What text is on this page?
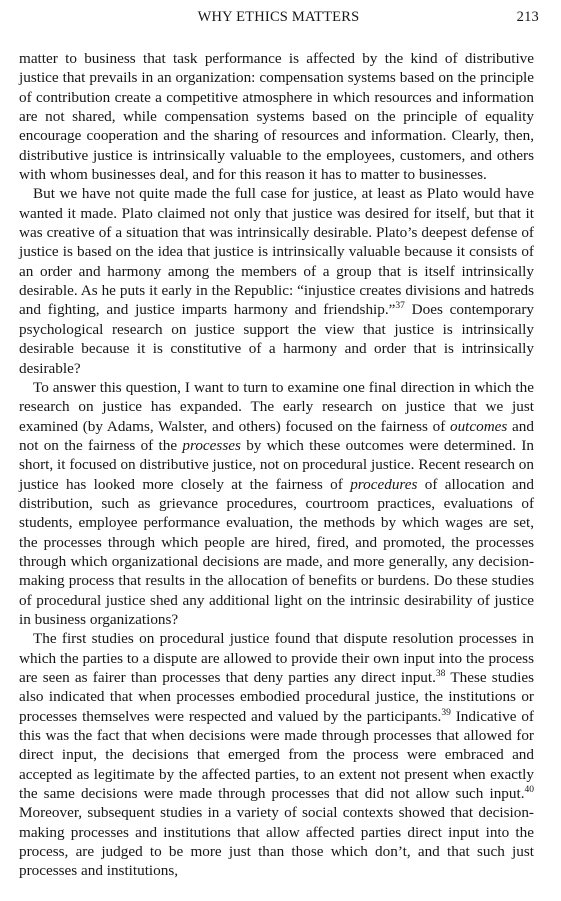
WHY ETHICS MATTERS	213

matter to business that task performance is affected by the kind of distributive justice that prevails in an organization: compensation systems based on the principle of contribution create a competitive atmosphere in which resources and information are not shared, while compensation systems based on the principle of equality encourage cooperation and the sharing of resources and information. Clearly, then, distributive justice is intrinsically valuable to the employees, customers, and others with whom businesses deal, and for this reason it has to matter to businesses.

But we have not quite made the full case for justice, at least as Plato would have wanted it made. Plato claimed not only that justice was desired for itself, but that it was creative of a situation that was intrinsically desirable. Plato’s deepest defense of justice is based on the idea that justice is intrinsically valuable because it consists of an order and harmony among the members of a group that is itself intrinsically desirable. As he puts it early in the Republic: “injustice creates divisions and hatreds and fighting, and justice imparts harmony and friendship.”$^{37}$ Does contemporary psychological research on justice support the view that justice is intrinsically desirable because it is constitutive of a harmony and order that is intrinsically desirable?

To answer this question, I want to turn to examine one final direction in which the research on justice has expanded. The early research on justice that we just examined (by Adams, Walster, and others) focused on the fairness of outcomes and not on the fairness of the processes by which these outcomes were determined. In short, it focused on distributive justice, not on procedural justice. Recent research on justice has looked more closely at the fairness of procedures of allocation and distribution, such as grievance procedures, courtroom practices, evaluations of students, employee performance evaluation, the methods by which wages are set, the processes through which people are hired, fired, and promoted, the processes through which organizational decisions are made, and more generally, any decision-making process that results in the allocation of benefits or burdens. Do these studies of procedural justice shed any additional light on the intrinsic desirability of justice in business organizations?

The first studies on procedural justice found that dispute resolution processes in which the parties to a dispute are allowed to provide their own input into the process are seen as fairer than processes that deny parties any direct input.$^{38}$ These studies also indicated that when processes embodied procedural justice, the institutions or processes themselves were respected and valued by the participants.$^{39}$ Indicative of this was the fact that when decisions were made through processes that allowed for direct input, the decisions that emerged from the process were embraced and accepted as legitimate by the affected parties, to an extent not present when exactly the same decisions were made through processes that did not allow such input.$^{40}$ Moreover, subsequent studies in a variety of social contexts showed that decision-making processes and institutions that allow affected parties direct input into the process, are judged to be more just than those which don’t, and that such just processes and institutions,
